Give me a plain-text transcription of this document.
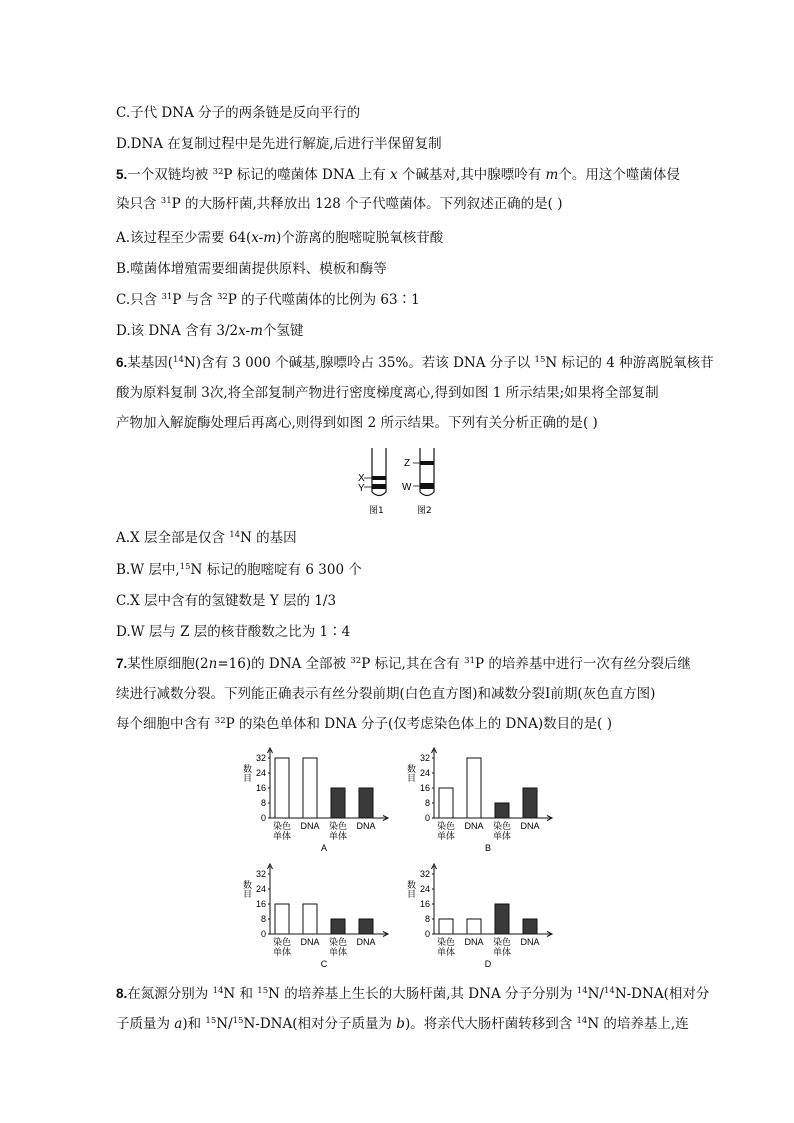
C.子代 DNA 分子的两条链是反向平行的
D.DNA 在复制过程中是先进行解旋,后进行半保留复制
5.一个双链均被 $^{32}$P 标记的噬菌体 DNA 上有 x 个碱基对,其中腺嘌呤有 m个。用这个噬菌体侵
染只含 $^{31}$P 的大肠杆菌,共释放出 128 个子代噬菌体。下列叙述正确的是( )
A.该过程至少需要 64(x-m)个游离的胞嘧啶脱氧核苷酸
B.噬菌体增殖需要细菌提供原料、模板和酶等
C.只含 $^{31}$P 与含 $^{32}$P 的子代噬菌体的比例为 63∶1
D.该 DNA 含有 3/2x-m个氢键
6.某基因($^{14}$N)含有 3 000 个碱基,腺嘌呤占 35%。若该 DNA 分子以 $^{15}$N 标记的 4 种游离脱氧核苷
酸为原料复制 3次,将全部复制产物进行密度梯度离心,得到如图 1 所示结果;如果将全部复制
产物加入解旋酶处理后再离心,则得到如图 2 所示结果。下列有关分析正确的是( )
X
Y
Z
W
图1	图2
A.X 层全部是仅含 $^{14}$N 的基因
B.W 层中,$^{15}$N 标记的胞嘧啶有 6 300 个
C.X 层中含有的氢键数是 Y 层的 1/3
D.W 层与 Z 层的核苷酸数之比为 1∶4
7.某性原细胞(2n=16)的 DNA 全部被 $^{32}$P 标记,其在含有 $^{31}$P 的培养基中进行一次有丝分裂后继
续进行减数分裂。下列能正确表示有丝分裂前期(白色直方图)和减数分裂Ⅰ前期(灰色直方图)
每个细胞中含有 $^{32}$P 的染色单体和 DNA 分子(仅考虑染色体上的 DNA)数目的是( )
数目
0
8
16
24
32
染色
单体
DNA 染色
单体
DNA
A
数目
0
8
16
24
32
染色
单体
DNA 染色
单体
DNA
B
数目
0
8
16
24
32
染色
单体
DNA 染色
单体
DNA
C
数目
0
8
16
24
32
染色
单体
DNA 染色
单体
DNA
D
8.在氮源分别为 $^{14}$N 和 $^{15}$N 的培养基上生长的大肠杆菌,其 DNA 分子分别为 $^{14}$N/$^{14}$N-DNA(相对分
子质量为 a)和 $^{15}$N/$^{15}$N-DNA(相对分子质量为 b)。将亲代大肠杆菌转移到含 $^{14}$N 的培养基上,连
